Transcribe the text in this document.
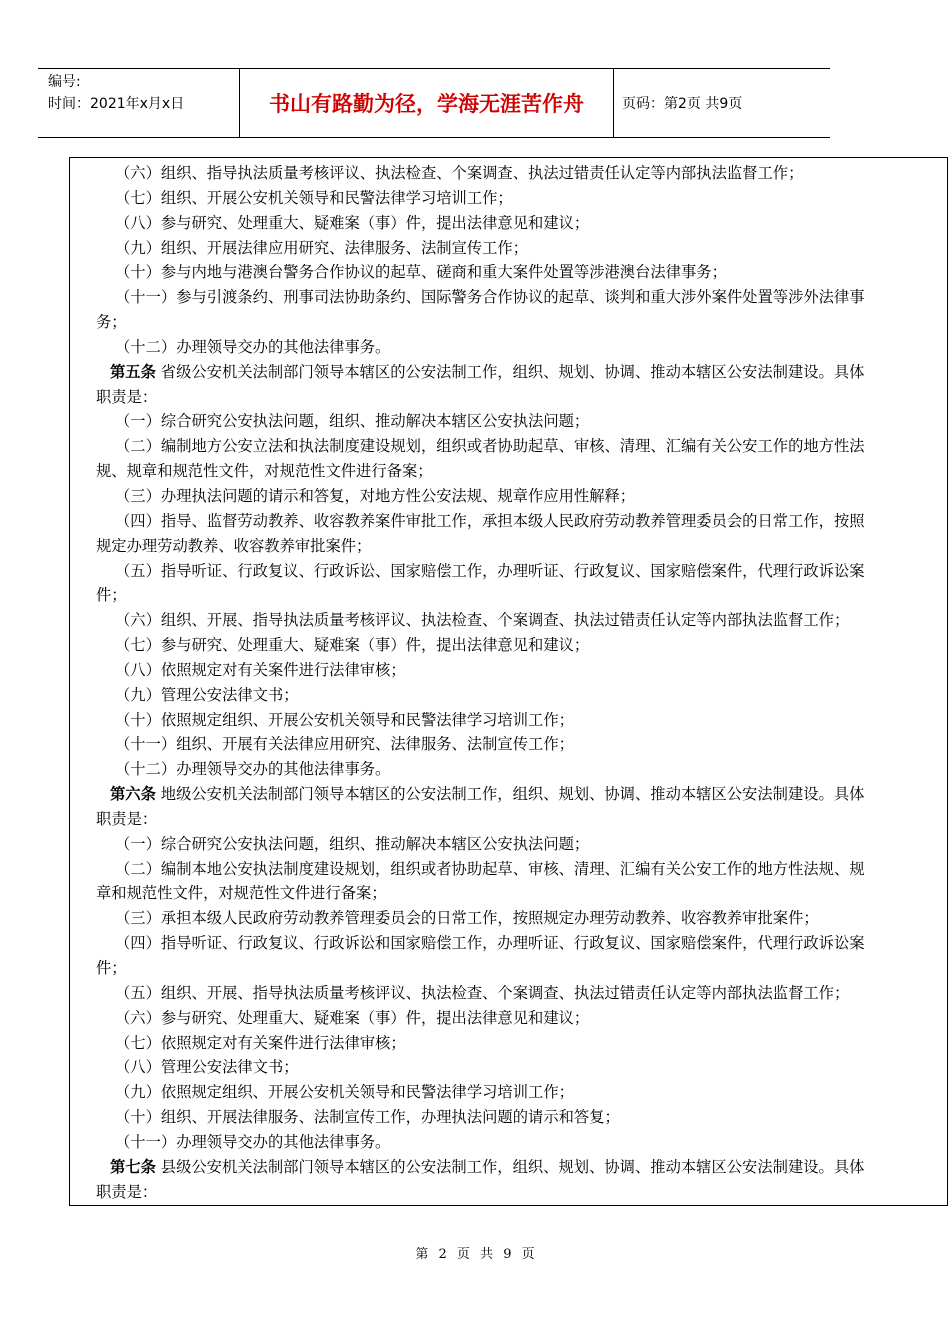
编号:
时间：2021年x月x日	书山有路勤为径，学海无涯苦作舟	页码：第2页 共9页
（六）组织、指导执法质量考核评议、执法检查、个案调查、执法过错责任认定等内部执法监督工作；
（七）组织、开展公安机关领导和民警法律学习培训工作；
（八）参与研究、处理重大、疑难案（事）件，提出法律意见和建议；
（九）组织、开展法律应用研究、法律服务、法制宣传工作；
（十）参与内地与港澳台警务合作协议的起草、磋商和重大案件处置等涉港澳台法律事务；
（十一）参与引渡条约、刑事司法协助条约、国际警务合作协议的起草、谈判和重大涉外案件处置等涉外法律事
务；
（十二）办理领导交办的其他法律事务。
第五条 省级公安机关法制部门领导本辖区的公安法制工作，组织、规划、协调、推动本辖区公安法制建设。具体
职责是：
（一）综合研究公安执法问题，组织、推动解决本辖区公安执法问题；
（二）编制地方公安立法和执法制度建设规划，组织或者协助起草、审核、清理、汇编有关公安工作的地方性法
规、规章和规范性文件，对规范性文件进行备案；
（三）办理执法问题的请示和答复，对地方性公安法规、规章作应用性解释；
（四）指导、监督劳动教养、收容教养案件审批工作，承担本级人民政府劳动教养管理委员会的日常工作，按照
规定办理劳动教养、收容教养审批案件；
（五）指导听证、行政复议、行政诉讼、国家赔偿工作，办理听证、行政复议、国家赔偿案件，代理行政诉讼案
件；
（六）组织、开展、指导执法质量考核评议、执法检查、个案调查、执法过错责任认定等内部执法监督工作；
（七）参与研究、处理重大、疑难案（事）件，提出法律意见和建议；
（八）依照规定对有关案件进行法律审核；
（九）管理公安法律文书；
（十）依照规定组织、开展公安机关领导和民警法律学习培训工作；
（十一）组织、开展有关法律应用研究、法律服务、法制宣传工作；
（十二）办理领导交办的其他法律事务。
第六条 地级公安机关法制部门领导本辖区的公安法制工作，组织、规划、协调、推动本辖区公安法制建设。具体
职责是：
（一）综合研究公安执法问题，组织、推动解决本辖区公安执法问题；
（二）编制本地公安执法制度建设规划，组织或者协助起草、审核、清理、汇编有关公安工作的地方性法规、规
章和规范性文件，对规范性文件进行备案；
（三）承担本级人民政府劳动教养管理委员会的日常工作，按照规定办理劳动教养、收容教养审批案件；
（四）指导听证、行政复议、行政诉讼和国家赔偿工作，办理听证、行政复议、国家赔偿案件，代理行政诉讼案
件；
（五）组织、开展、指导执法质量考核评议、执法检查、个案调查、执法过错责任认定等内部执法监督工作；
（六）参与研究、处理重大、疑难案（事）件，提出法律意见和建议；
（七）依照规定对有关案件进行法律审核；
（八）管理公安法律文书；
（九）依照规定组织、开展公安机关领导和民警法律学习培训工作；
（十）组织、开展法律服务、法制宣传工作，办理执法问题的请示和答复；
（十一）办理领导交办的其他法律事务。
第七条 县级公安机关法制部门领导本辖区的公安法制工作，组织、规划、协调、推动本辖区公安法制建设。具体
职责是：
第 2 页 共 9 页
